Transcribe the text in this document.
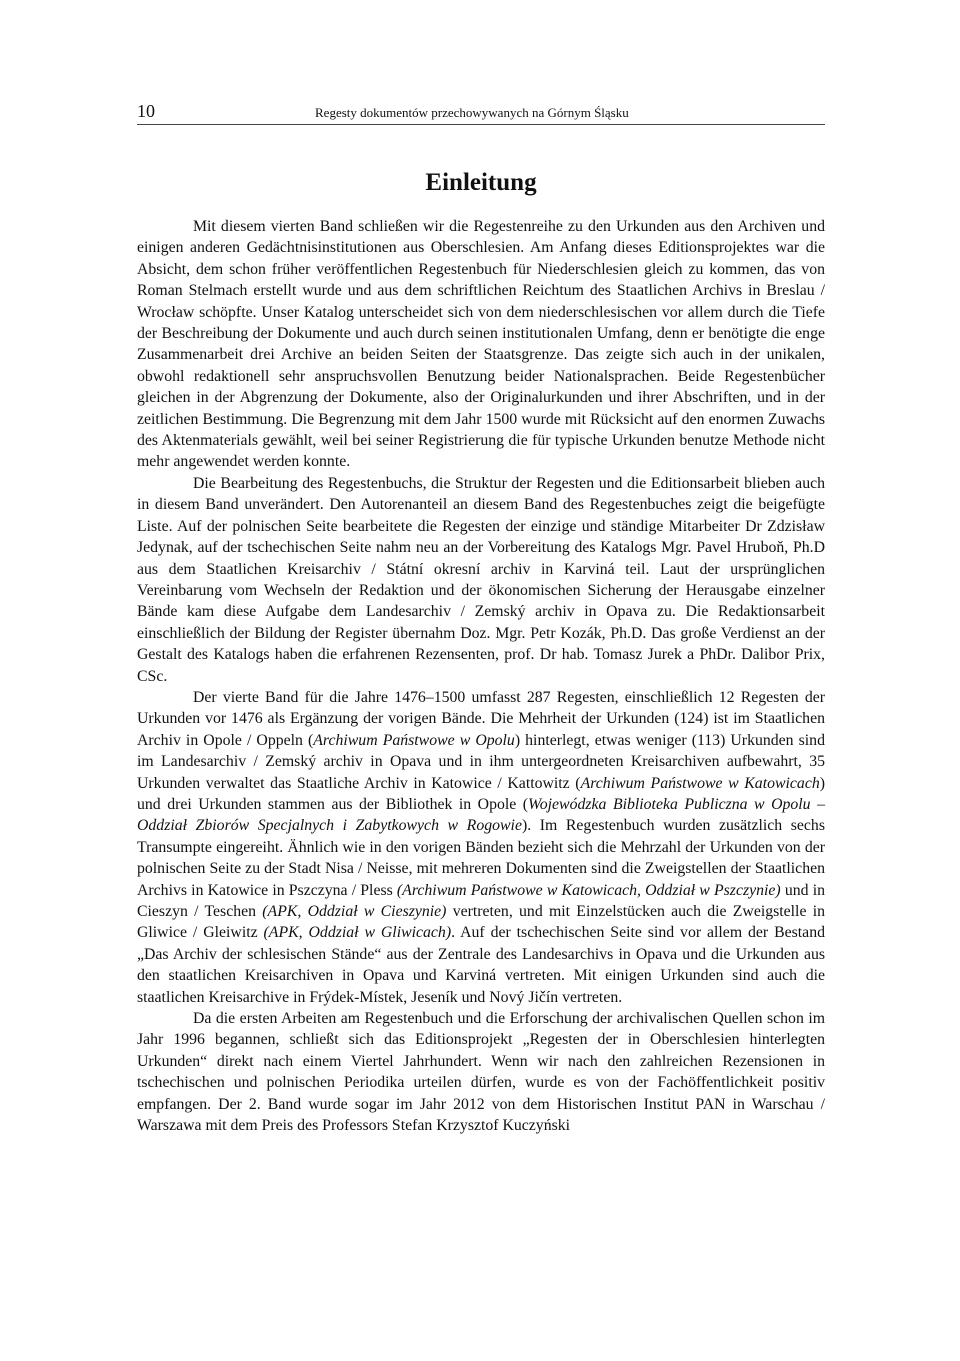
10	Regesty dokumentów przechowywanych na Górnym Śląsku
Einleitung

Mit diesem vierten Band schließen wir die Regestenreihe zu den Urkunden aus den Archiven und einigen anderen Gedächtnisinstitutionen aus Oberschlesien. Am Anfang dieses Editionsprojektes war die Absicht, dem schon früher veröffentlichen Regestenbuch für Niederschlesien gleich zu kommen, das von Roman Stelmach erstellt wurde und aus dem schriftlichen Reichtum des Staatlichen Archivs in Breslau / Wrocław schöpfte. Unser Katalog unterscheidet sich von dem niederschlesischen vor allem durch die Tiefe der Beschreibung der Dokumente und auch durch seinen institutionalen Umfang, denn er benötigte die enge Zusammenarbeit drei Archive an beiden Seiten der Staatsgrenze. Das zeigte sich auch in der unikalen, obwohl redaktionell sehr anspruchsvollen Benutzung beider Nationalsprachen. Beide Regestenbücher gleichen in der Abgrenzung der Dokumente, also der Originalurkunden und ihrer Abschriften, und in der zeitlichen Bestimmung. Die Begrenzung mit dem Jahr 1500 wurde mit Rücksicht auf den enormen Zuwachs des Aktenmaterials gewählt, weil bei seiner Registrierung die für typische Urkunden benutze Methode nicht mehr angewendet werden konnte.

Die Bearbeitung des Regestenbuchs, die Struktur der Regesten und die Editionsarbeit blieben auch in diesem Band unverändert. Den Autorenanteil an diesem Band des Regestenbuches zeigt die beigefügte Liste. Auf der polnischen Seite bearbeitete die Regesten der einzige und ständige Mitarbeiter Dr Zdzisław Jedynak, auf der tschechischen Seite nahm neu an der Vorbereitung des Katalogs Mgr. Pavel Hruboň, Ph.D aus dem Staatlichen Kreisarchiv / Státní okresní archiv in Karviná teil. Laut der ursprünglichen Vereinbarung vom Wechseln der Redaktion und der ökonomischen Sicherung der Herausgabe einzelner Bände kam diese Aufgabe dem Landesarchiv / Zemský archiv in Opava zu. Die Redaktionsarbeit einschließlich der Bildung der Register übernahm Doz. Mgr. Petr Kozák, Ph.D. Das große Verdienst an der Gestalt des Katalogs haben die erfahrenen Rezensenten, prof. Dr hab. Tomasz Jurek a PhDr. Dalibor Prix, CSc.

Der vierte Band für die Jahre 1476–1500 umfasst 287 Regesten, einschließlich 12 Regesten der Urkunden vor 1476 als Ergänzung der vorigen Bände. Die Mehrheit der Urkunden (124) ist im Staatlichen Archiv in Opole / Oppeln (Archiwum Państwowe w Opolu) hinterlegt, etwas weniger (113) Urkunden sind im Landesarchiv / Zemský archiv in Opava und in ihm untergeordneten Kreisarchiven aufbewahrt, 35 Urkunden verwaltet das Staatliche Archiv in Katowice / Kattowitz (Archiwum Państwowe w Katowicach) und drei Urkunden stammen aus der Bibliothek in Opole (Wojewódzka Biblioteka Publiczna w Opolu – Oddział Zbiorów Specjalnych i Zabytkowych w Rogowie). Im Regestenbuch wurden zusätzlich sechs Transumpte eingereiht. Ähnlich wie in den vorigen Bänden bezieht sich die Mehrzahl der Urkunden von der polnischen Seite zu der Stadt Nisa / Neisse, mit mehreren Dokumenten sind die Zweigstellen der Staatlichen Archivs in Katowice in Pszczyna / Pless (Archiwum Państwowe w Katowicach, Oddział w Pszczynie) und in Cieszyn / Teschen (APK, Oddział w Cieszynie) vertreten, und mit Einzelstücken auch die Zweigstelle in Gliwice / Gleiwitz (APK, Oddział w Gliwicach). Auf der tschechischen Seite sind vor allem der Bestand „Das Archiv der schlesischen Stände“ aus der Zentrale des Landesarchivs in Opava und die Urkunden aus den staatlichen Kreisarchiven in Opava und Karviná vertreten. Mit einigen Urkunden sind auch die staatlichen Kreisarchive in Frýdek-Místek, Jeseník und Nový Jičín vertreten.

Da die ersten Arbeiten am Regestenbuch und die Erforschung der archivalischen Quellen schon im Jahr 1996 begannen, schließt sich das Editionsprojekt „Regesten der in Oberschlesien hinterlegten Urkunden“ direkt nach einem Viertel Jahrhundert. Wenn wir nach den zahlreichen Rezensionen in tschechischen und polnischen Periodika urteilen dürfen, wurde es von der Fachöffentlichkeit positiv empfangen. Der 2. Band wurde sogar im Jahr 2012 von dem Historischen Institut PAN in Warschau / Warszawa mit dem Preis des Professors Stefan Krzysztof Kuczyński
